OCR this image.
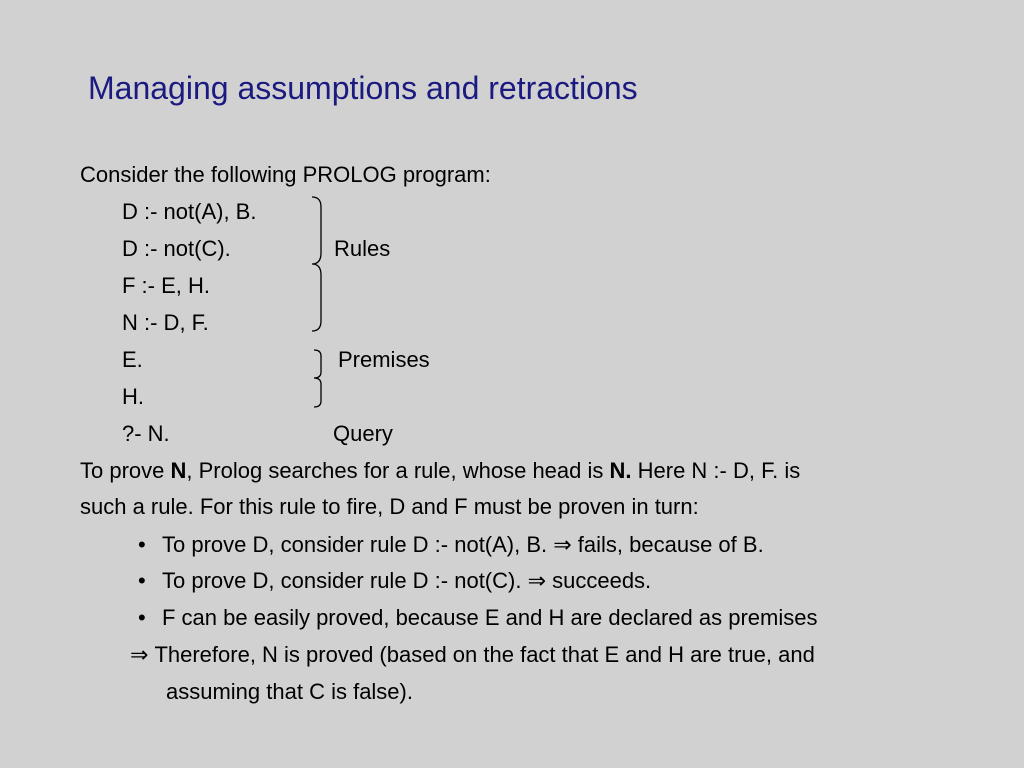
Managing assumptions and retractions
Consider the following PROLOG program:
D :- not(A), B.
D :- not(C).
F :- E, H.
N :- D, F.
E.
H.
?- N.
Rules
Premises
Query
To prove N, Prolog searches for a rule, whose head is N. Here N :- D, F. is
such a rule. For this rule to fire, D and F must be proven in turn:
• To prove D, consider rule D :- not(A), B. ⇒ fails, because of B.
• To prove D, consider rule D :- not(C). ⇒ succeeds.
• F can be easily proved, because E and H are declared as premises
⇒ Therefore, N is proved (based on the fact that E and H are true, and
assuming that C is false).
